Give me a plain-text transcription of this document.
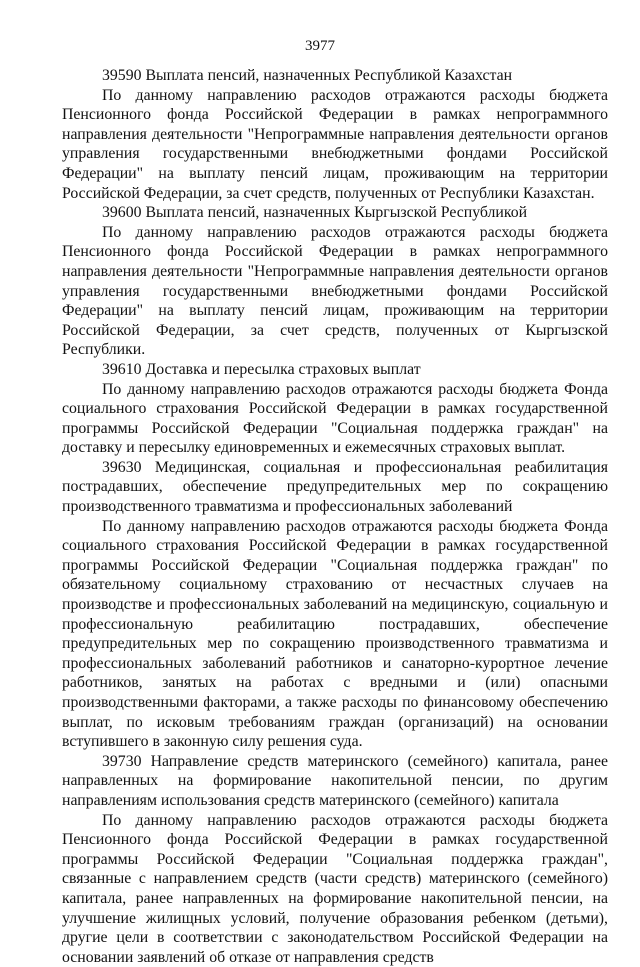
3977

39590 Выплата пенсий, назначенных Республикой Казахстан

По данному направлению расходов отражаются расходы бюджета Пенсионного фонда Российской Федерации в рамках непрограммного направления деятельности "Непрограммные направления деятельности органов управления государственными внебюджетными фондами Российской Федерации" на выплату пенсий лицам, проживающим на территории Российской Федерации, за счет средств, полученных от Республики Казахстан.

39600 Выплата пенсий, назначенных Кыргызской Республикой

По данному направлению расходов отражаются расходы бюджета Пенсионного фонда Российской Федерации в рамках непрограммного направления деятельности "Непрограммные направления деятельности органов управления государственными внебюджетными фондами Российской Федерации" на выплату пенсий лицам, проживающим на территории Российской Федерации, за счет средств, полученных от Кыргызской Республики.

39610 Доставка и пересылка страховых выплат

По данному направлению расходов отражаются расходы бюджета Фонда социального страхования Российской Федерации в рамках государственной программы Российской Федерации "Социальная поддержка граждан" на доставку и пересылку единовременных и ежемесячных страховых выплат.

39630 Медицинская, социальная и профессиональная реабилитация пострадавших, обеспечение предупредительных мер по сокращению производственного травматизма и профессиональных заболеваний

По данному направлению расходов отражаются расходы бюджета Фонда социального страхования Российской Федерации в рамках государственной программы Российской Федерации "Социальная поддержка граждан" по обязательному социальному страхованию от несчастных случаев на производстве и профессиональных заболеваний на медицинскую, социальную и профессиональную реабилитацию пострадавших, обеспечение предупредительных мер по сокращению производственного травматизма и профессиональных заболеваний работников и санаторно-курортное лечение работников, занятых на работах с вредными и (или) опасными производственными факторами, а также расходы по финансовому обеспечению выплат, по исковым требованиям граждан (организаций) на основании вступившего в законную силу решения суда.

39730 Направление средств материнского (семейного) капитала, ранее направленных на формирование накопительной пенсии, по другим направлениям использования средств материнского (семейного) капитала

По данному направлению расходов отражаются расходы бюджета Пенсионного фонда Российской Федерации в рамках государственной программы Российской Федерации "Социальная поддержка граждан", связанные с направлением средств (части средств) материнского (семейного) капитала, ранее направленных на формирование накопительной пенсии, на улучшение жилищных условий, получение образования ребенком (детьми), другие цели в соответствии с законодательством Российской Федерации на основании заявлений об отказе от направления средств
